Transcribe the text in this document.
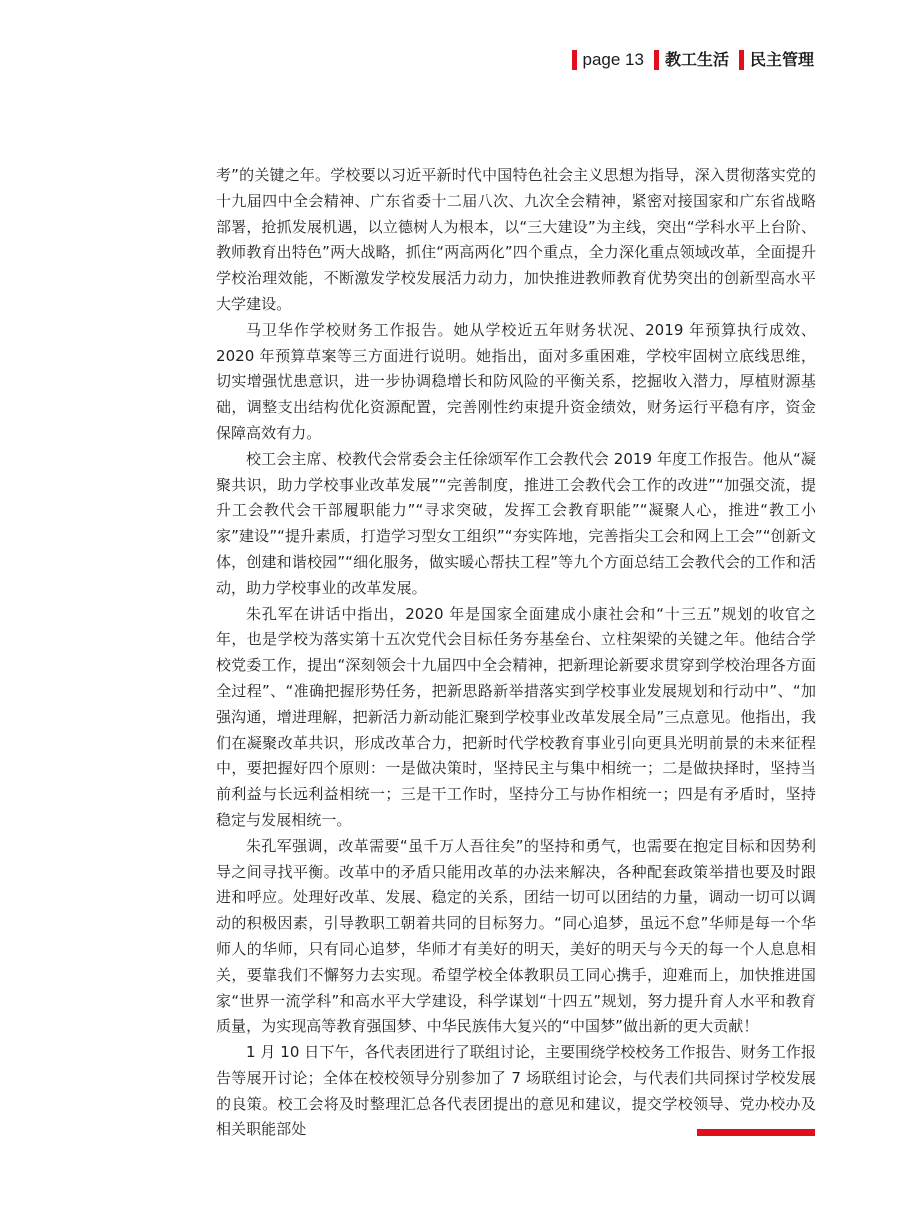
page 13 教工生活 民主管理

考”的关键之年。学校要以习近平新时代中国特色社会主义思想为指导，深入贯彻落实党的十九届四中全会精神、广东省委十二届八次、九次全会精神，紧密对接国家和广东省战略部署，抢抓发展机遇，以立德树人为根本，以“三大建设”为主线，突出“学科水平上台阶、教师教育出特色”两大战略，抓住“两高两化”四个重点，全力深化重点领域改革，全面提升学校治理效能，不断激发学校发展活力动力，加快推进教师教育优势突出的创新型高水平大学建设。

马卫华作学校财务工作报告。她从学校近五年财务状况、2019 年预算执行成效、2020 年预算草案等三方面进行说明。她指出，面对多重困难，学校牢固树立底线思维，切实增强忧患意识，进一步协调稳增长和防风险的平衡关系，挖掘收入潜力，厚植财源基础，调整支出结构优化资源配置，完善刚性约束提升资金绩效，财务运行平稳有序，资金保障高效有力。

校工会主席、校教代会常委会主任徐颂军作工会教代会 2019 年度工作报告。他从“凝聚共识，助力学校事业改革发展”“完善制度，推进工会教代会工作的改进”“加强交流，提升工会教代会干部履职能力”“寻求突破，发挥工会教育职能”“凝聚人心，推进“教工小家”建设”“提升素质，打造学习型女工组织”“夯实阵地，完善指尖工会和网上工会”“创新文体，创建和谐校园”“细化服务，做实暖心帮扶工程”等九个方面总结工会教代会的工作和活动，助力学校事业的改革发展。

朱孔军在讲话中指出，2020 年是国家全面建成小康社会和“十三五”规划的收官之年，也是学校为落实第十五次党代会目标任务夯基垒台、立柱架梁的关键之年。他结合学校党委工作，提出“深刻领会十九届四中全会精神，把新理论新要求贯穿到学校治理各方面全过程”、“准确把握形势任务，把新思路新举措落实到学校事业发展规划和行动中”、“加强沟通，增进理解，把新活力新动能汇聚到学校事业改革发展全局”三点意见。他指出，我们在凝聚改革共识，形成改革合力，把新时代学校教育事业引向更具光明前景的未来征程中，要把握好四个原则：一是做决策时，坚持民主与集中相统一；二是做抉择时，坚持当前利益与长远利益相统一；三是干工作时，坚持分工与协作相统一；四是有矛盾时，坚持稳定与发展相统一。

朱孔军强调，改革需要“虽千万人吾往矣”的坚持和勇气，也需要在抱定目标和因势利导之间寻找平衡。改革中的矛盾只能用改革的办法来解决，各种配套政策举措也要及时跟进和呼应。处理好改革、发展、稳定的关系，团结一切可以团结的力量，调动一切可以调动的积极因素，引导教职工朝着共同的目标努力。“同心追梦，虽远不怠”华师是每一个华师人的华师，只有同心追梦，华师才有美好的明天，美好的明天与今天的每一个人息息相关，要靠我们不懈努力去实现。希望学校全体教职员工同心携手，迎难而上，加快推进国家“世界一流学科”和高水平大学建设，科学谋划“十四五”规划，努力提升育人水平和教育质量，为实现高等教育强国梦、中华民族伟大复兴的“中国梦”做出新的更大贡献！

1 月 10 日下午，各代表团进行了联组讨论，主要围绕学校校务工作报告、财务工作报告等展开讨论；全体在校校领导分别参加了 7 场联组讨论会，与代表们共同探讨学校发展的良策。校工会将及时整理汇总各代表团提出的意见和建议，提交学校领导、党办校办及相关职能部处
